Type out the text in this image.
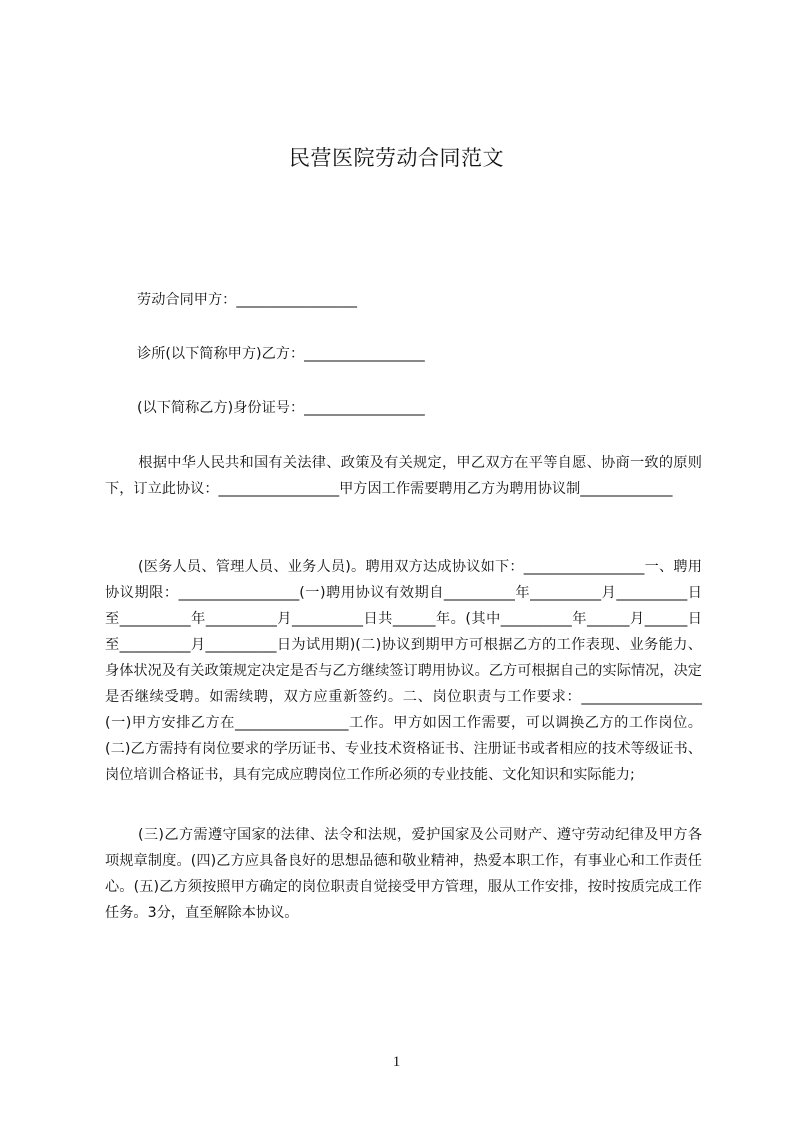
民营医院劳动合同范文
劳动合同甲方：_________________
诊所(以下简称甲方)乙方：_________________
(以下简称乙方)身份证号：_________________
根据中华人民共和国有关法律、政策及有关规定，甲乙双方在平等自愿、协商一致的原则下，订立此协议：_________________甲方因工作需要聘用乙方为聘用协议制_____________
(医务人员、管理人员、业务人员)。聘用双方达成协议如下：_________________一、聘用协议期限：_________________(一)聘用协议有效期自__________年__________月__________日至__________年__________月__________日共______年。(其中__________年______月______日至__________月__________日为试用期)(二)协议到期甲方可根据乙方的工作表现、业务能力、身体状况及有关政策规定决定是否与乙方继续签订聘用协议。乙方可根据自己的实际情况，决定是否继续受聘。如需续聘，双方应重新签约。二、岗位职责与工作要求：_________________(一)甲方安排乙方在________________工作。甲方如因工作需要，可以调换乙方的工作岗位。(二)乙方需持有岗位要求的学历证书、专业技术资格证书、注册证书或者相应的技术等级证书、岗位培训合格证书，具有完成应聘岗位工作所必须的专业技能、文化知识和实际能力;
(三)乙方需遵守国家的法律、法令和法规，爱护国家及公司财产、遵守劳动纪律及甲方各项规章制度。(四)乙方应具备良好的思想品德和敬业精神，热爱本职工作，有事业心和工作责任心。(五)乙方须按照甲方确定的岗位职责自觉接受甲方管理，服从工作安排，按时按质完成工作任务。3分，直至解除本协议。
1
